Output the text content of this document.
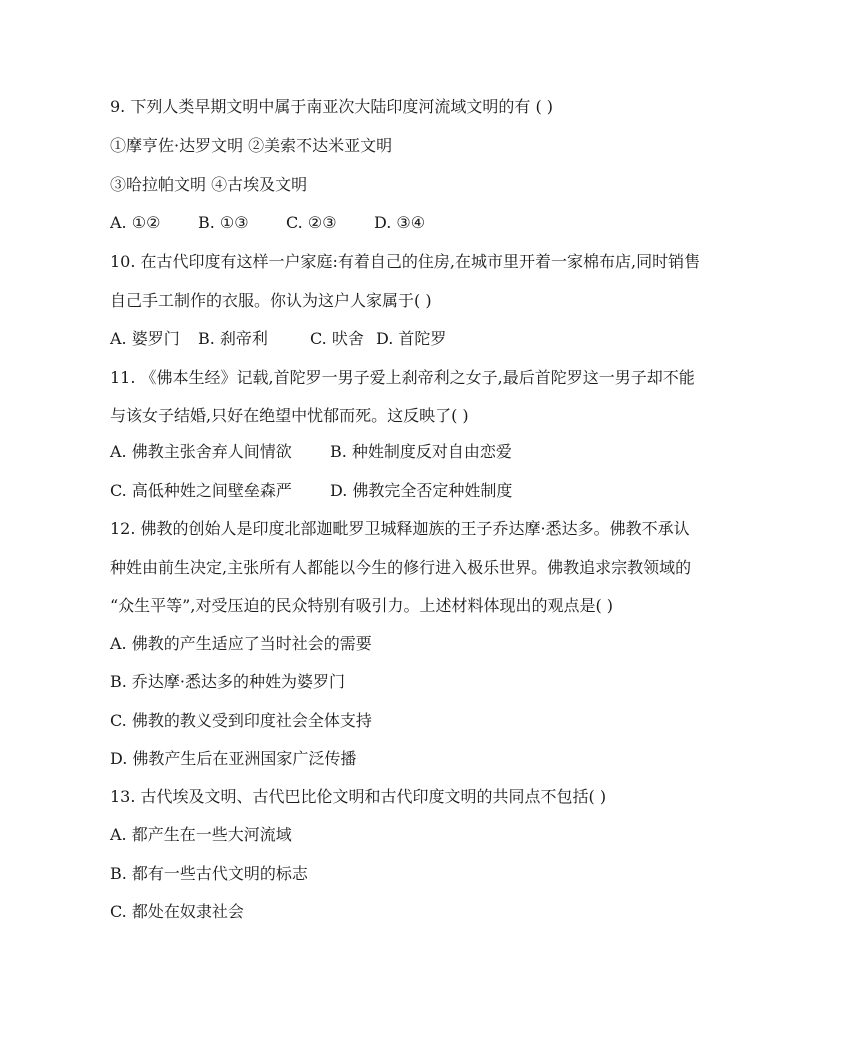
9. 下列人类早期文明中属于南亚次大陆印度河流域文明的有 ( )
①摩亨佐·达罗文明 ②美索不达米亚文明
③哈拉帕文明 ④古埃及文明
A. ①② B. ①③ C. ②③ D. ③④
10. 在古代印度有这样一户家庭:有着自己的住房,在城市里开着一家棉布店,同时销售
自己手工制作的衣服。你认为这户人家属于( )
A. 婆罗门 B. 刹帝利	C. 吠舍 D. 首陀罗
11. 《佛本生经》记载,首陀罗一男子爱上刹帝利之女子,最后首陀罗这一男子却不能
与该女子结婚,只好在绝望中忧郁而死。这反映了( )
A. 佛教主张舍弃人间情欲 B. 种姓制度反对自由恋爱
C. 高低种姓之间壁垒森严 D. 佛教完全否定种姓制度
12. 佛教的创始人是印度北部迦毗罗卫城释迦族的王子乔达摩·悉达多。佛教不承认
种姓由前生决定,主张所有人都能以今生的修行进入极乐世界。佛教追求宗教领域的
“众生平等”,对受压迫的民众特别有吸引力。上述材料体现出的观点是( )
A. 佛教的产生适应了当时社会的需要
B. 乔达摩·悉达多的种姓为婆罗门
C. 佛教的教义受到印度社会全体支持
D. 佛教产生后在亚洲国家广泛传播
13. 古代埃及文明、古代巴比伦文明和古代印度文明的共同点不包括( )
A. 都产生在一些大河流域
B. 都有一些古代文明的标志
C. 都处在奴隶社会
